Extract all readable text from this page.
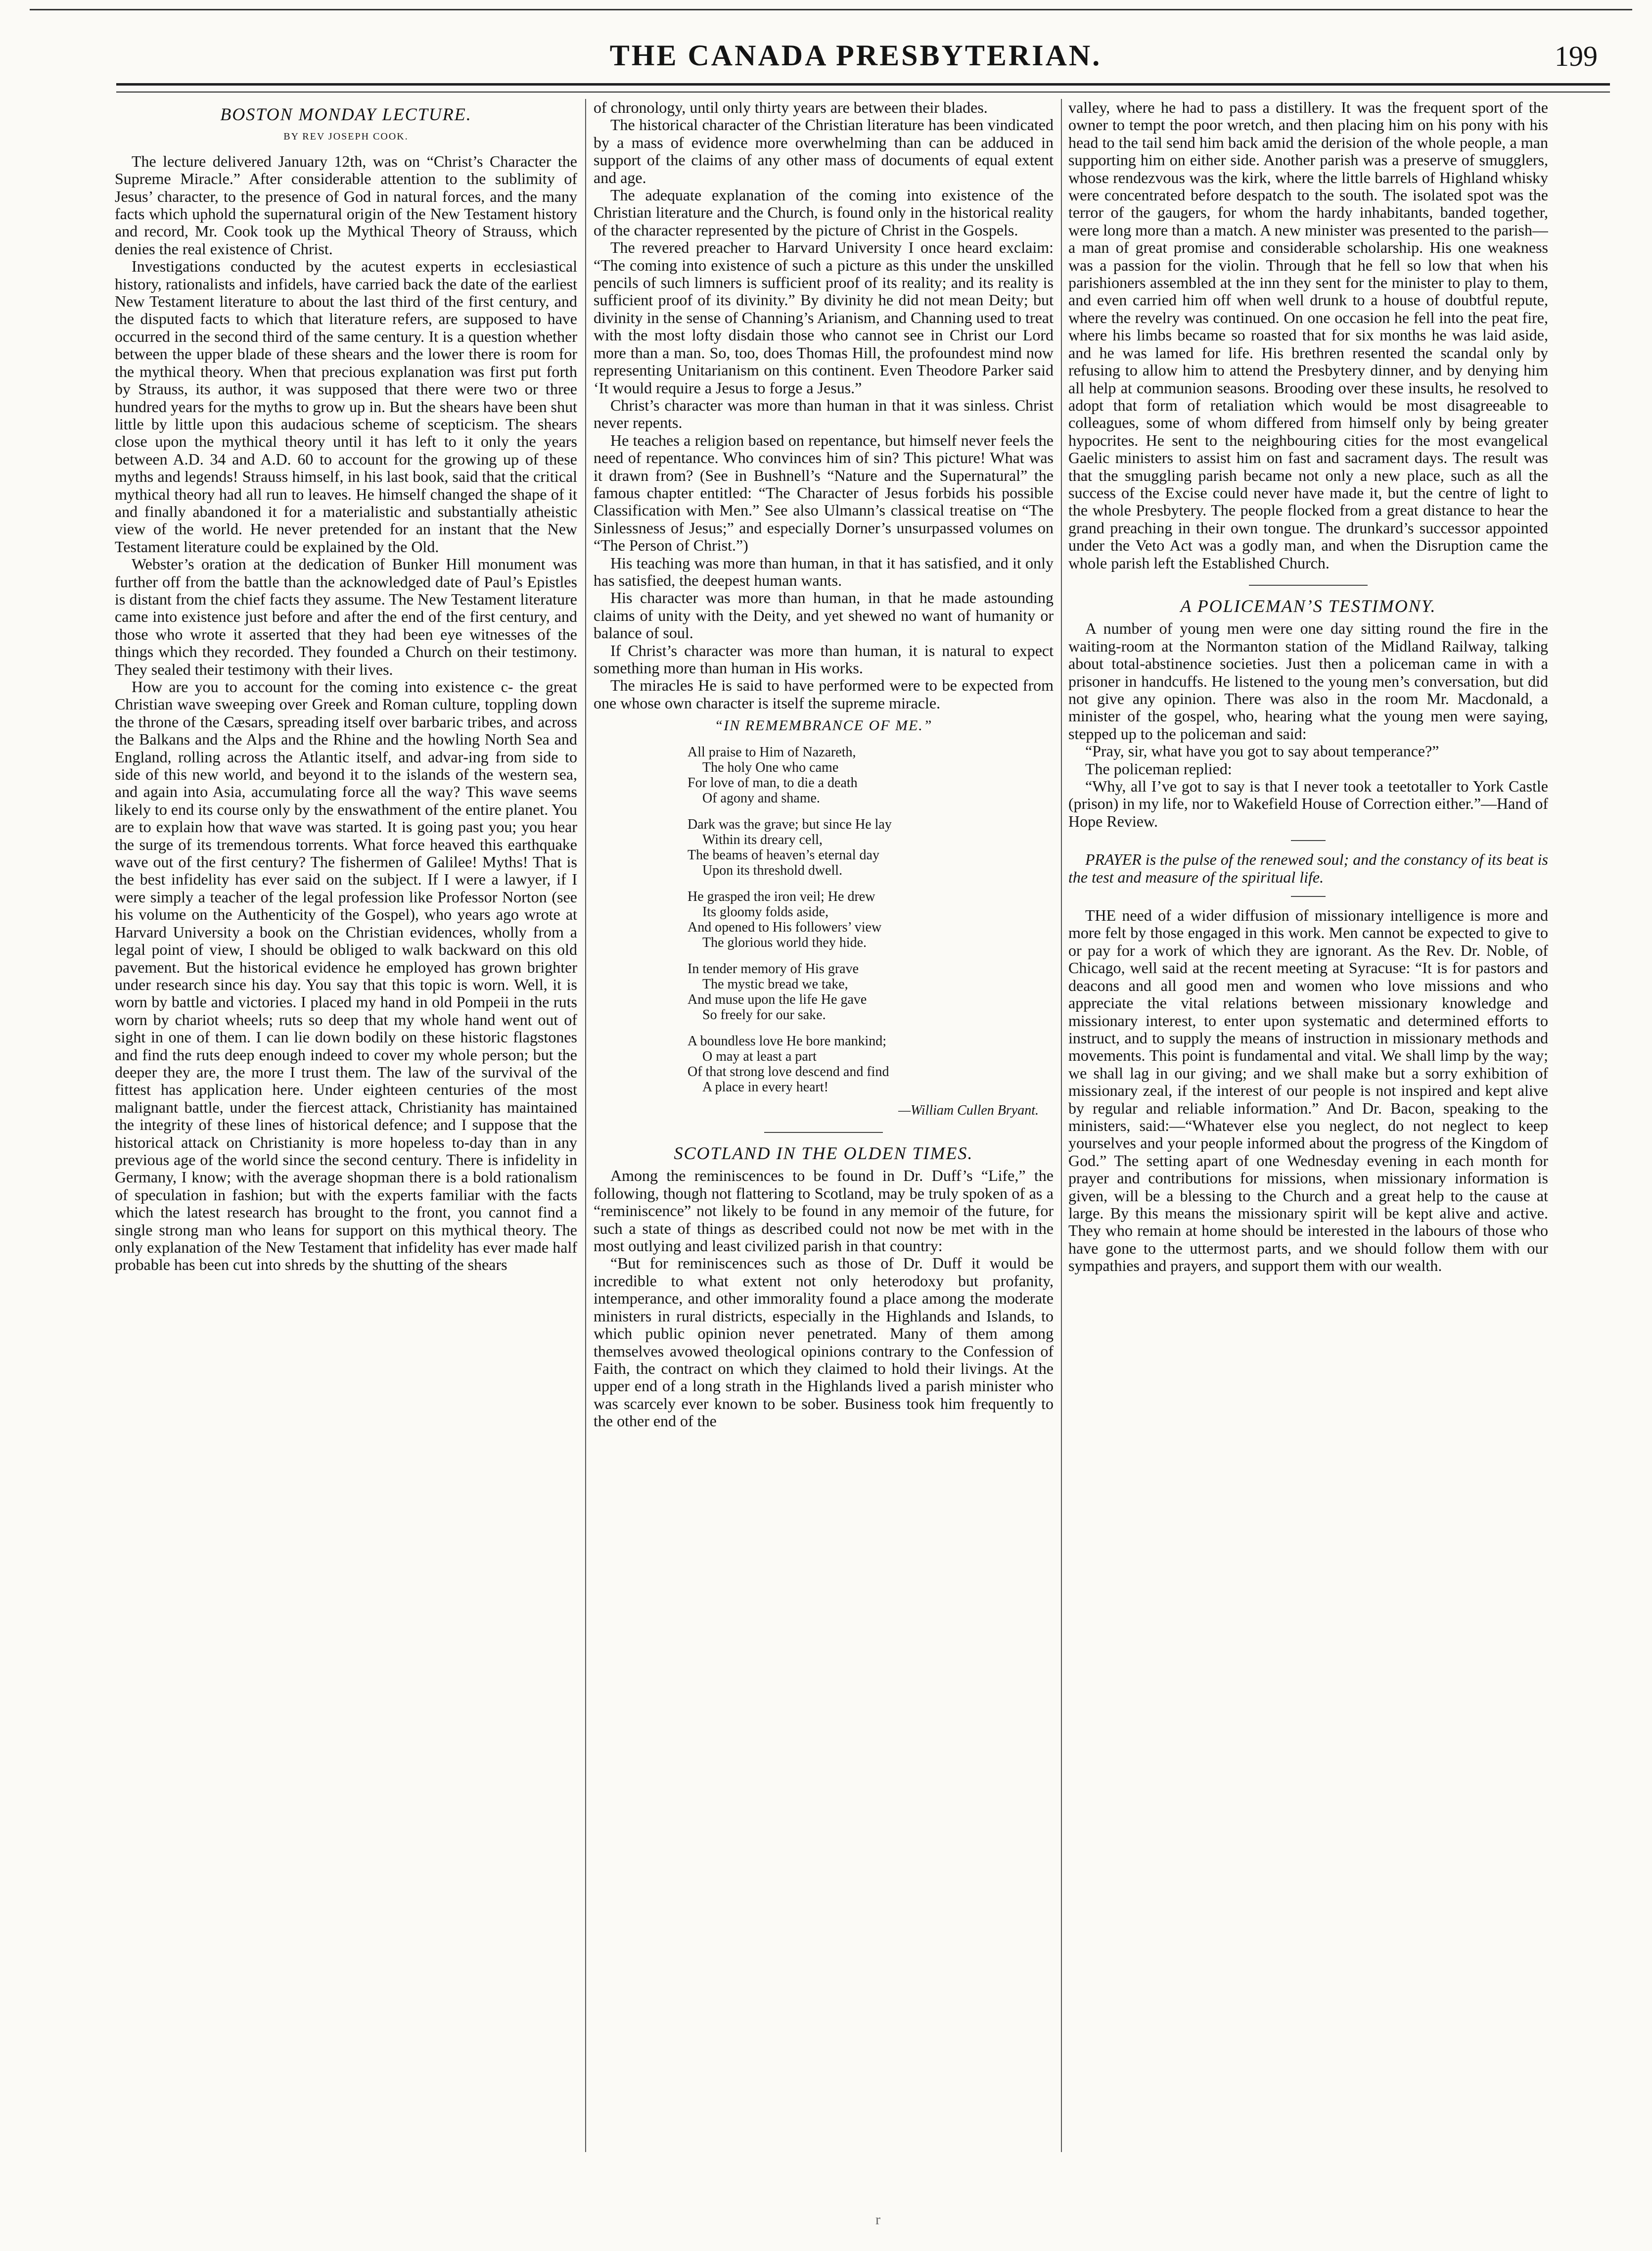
THE CANADA PRESBYTERIAN.	199
BOSTON MONDAY LECTURE.
BY REV JOSEPH COOK.

The lecture delivered January 12th, was on “Christ’s Character the Supreme Miracle.” After considerable attention to the sublimity of Jesus’ character, to the presence of God in natural forces, and the many facts which uphold the supernatural origin of the New Testament history and record, Mr. Cook took up the Mythical Theory of Strauss, which denies the real existence of Christ.

Investigations conducted by the acutest experts in ecclesiastical history, rationalists and infidels, have carried back the date of the earliest New Testament literature to about the last third of the first century, and the disputed facts to which that literature refers, are supposed to have occurred in the second third of the same century. It is a question whether between the upper blade of these shears and the lower there is room for the mythical theory. When that precious explanation was first put forth by Strauss, its author, it was supposed that there were two or three hundred years for the myths to grow up in. But the shears have been shut little by little upon this audacious scheme of scepticism. The shears close upon the mythical theory until it has left to it only the years between A.D. 34 and A.D. 60 to account for the growing up of these myths and legends! Strauss himself, in his last book, said that the critical mythical theory had all run to leaves. He himself changed the shape of it and finally abandoned it for a materialistic and substantially atheistic view of the world. He never pretended for an instant that the New Testament literature could be explained by the Old.

Webster’s oration at the dedication of Bunker Hill monument was further off from the battle than the acknowledged date of Paul’s Epistles is distant from the chief facts they assume. The New Testament literature came into existence just before and after the end of the first century, and those who wrote it asserted that they had been eye witnesses of the things which they recorded. They founded a Church on their testimony. They sealed their testimony with their lives.

How are you to account for the coming into existence c‑ the great Christian wave sweeping over Greek and Roman culture, toppling down the throne of the Cæsars, spreading itself over barbaric tribes, and across the Balkans and the Alps and the Rhine and the howling North Sea and England, rolling across the Atlantic itself, and advar‑ing from side to side of this new world, and beyond it to the islands of the western sea, and again into Asia, accumulating force all the way? This wave seems likely to end its course only by the enswathment of the entire planet. You are to explain how that wave was started. It is going past you; you hear the surge of its tremendous torrents. What force heaved this earthquake wave out of the first century? The fishermen of Galilee! Myths! That is the best infidelity has ever said on the subject. If I were a lawyer, if I were simply a teacher of the legal profession like Professor Norton (see his volume on the Authenticity of the Gospel), who years ago wrote at Harvard University a book on the Christian evidences, wholly from a legal point of view, I should be obliged to walk backward on this old pavement. But the historical evidence he employed has grown brighter under research since his day. You say that this topic is worn. Well, it is worn by battle and victories. I placed my hand in old Pompeii in the ruts worn by chariot wheels; ruts so deep that my whole hand went out of sight in one of them. I can lie down bodily on these historic flagstones and find the ruts deep enough indeed to cover my whole person; but the deeper they are, the more I trust them. The law of the survival of the fittest has application here. Under eighteen centuries of the most malignant battle, under the fiercest attack, Christianity has maintained the integrity of these lines of historical defence; and I suppose that the historical attack on Christianity is more hopeless to-day than in any previous age of the world since the second century. There is infidelity in Germany, I know; with the average shopman there is a bold rationalism of speculation in fashion; but with the experts familiar with the facts which the latest research has brought to the front, you cannot find a single strong man who leans for support on this mythical theory. The only explanation of the New Testament that infidelity has ever made half probable has been cut into shreds by the shutting of the shears

of chronology, until only thirty years are between their blades.

The historical character of the Christian literature has been vindicated by a mass of evidence more overwhelming than can be adduced in support of the claims of any other mass of documents of equal extent and age.

The adequate explanation of the coming into existence of the Christian literature and the Church, is found only in the historical reality of the character represented by the picture of Christ in the Gospels.

The revered preacher to Harvard University I once heard exclaim: “The coming into existence of such a picture as this under the unskilled pencils of such limners is sufficient proof of its reality; and its reality is sufficient proof of its divinity.” By divinity he did not mean Deity; but divinity in the sense of Channing’s Arianism, and Channing used to treat with the most lofty disdain those who cannot see in Christ our Lord more than a man. So, too, does Thomas Hill, the profoundest mind now representing Unitarianism on this continent. Even Theodore Parker said ‘It would require a Jesus to forge a Jesus.”

Christ’s character was more than human in that it was sinless. Christ never repents.

He teaches a religion based on repentance, but himself never feels the need of repentance. Who convinces him of sin? This picture! What was it drawn from? (See in Bushnell’s “Nature and the Supernatural” the famous chapter entitled: “The Character of Jesus forbids his possible Classification with Men.” See also Ulmann’s classical treatise on “The Sinlessness of Jesus;” and especially Dorner’s unsurpassed volumes on “The Person of Christ.”)

His teaching was more than human, in that it has satisfied, and it only has satisfied, the deepest human wants.

His character was more than human, in that he made astounding claims of unity with the Deity, and yet shewed no want of humanity or balance of soul.

If Christ’s character was more than human, it is natural to expect something more than human in His works.

The miracles He is said to have performed were to be expected from one whose own character is itself the supreme miracle.

“IN REMEMBRANCE OF ME.”
All praise to Him of Nazareth,
The holy One who came
For love of man, to die a death
Of agony and shame.
Dark was the grave; but since He lay
Within its dreary cell,
The beams of heaven’s eternal day
Upon its threshold dwell.
He grasped the iron veil; He drew
Its gloomy folds aside,
And opened to His followers’ view
The glorious world they hide.
In tender memory of His grave
The mystic bread we take,
And muse upon the life He gave
So freely for our sake.
A boundless love He bore mankind;
O may at least a part
Of that strong love descend and find
A place in every heart!
—William Cullen Bryant.
SCOTLAND IN THE OLDEN TIMES.

Among the reminiscences to be found in Dr. Duff’s “Life,” the following, though not flattering to Scotland, may be truly spoken of as a “reminiscence” not likely to be found in any memoir of the future, for such a state of things as described could not now be met with in the most outlying and least civilized parish in that country:

“But for reminiscences such as those of Dr. Duff it would be incredible to what extent not only heterodoxy but profanity, intemperance, and other immorality found a place among the moderate ministers in rural districts, especially in the Highlands and Islands, to which public opinion never penetrated. Many of them among themselves avowed theological opinions contrary to the Confession of Faith, the contract on which they claimed to hold their livings. At the upper end of a long strath in the Highlands lived a parish minister who was scarcely ever known to be sober. Business took him frequently to the other end of the

valley, where he had to pass a distillery. It was the frequent sport of the owner to tempt the poor wretch, and then placing him on his pony with his head to the tail send him back amid the derision of the whole people, a man supporting him on either side. Another parish was a preserve of smugglers, whose rendezvous was the kirk, where the little barrels of Highland whisky were concentrated before despatch to the south. The isolated spot was the terror of the gaugers, for whom the hardy inhabitants, banded together, were long more than a match. A new minister was presented to the parish—a man of great promise and considerable scholarship. His one weakness was a passion for the violin. Through that he fell so low that when his parishioners assembled at the inn they sent for the minister to play to them, and even carried him off when well drunk to a house of doubtful repute, where the revelry was continued. On one occasion he fell into the peat fire, where his limbs became so roasted that for six months he was laid aside, and he was lamed for life. His brethren resented the scandal only by refusing to allow him to attend the Presbytery dinner, and by denying him all help at communion seasons. Brooding over these insults, he resolved to adopt that form of retaliation which would be most disagreeable to colleagues, some of whom differed from himself only by being greater hypocrites. He sent to the neighbouring cities for the most evangelical Gaelic ministers to assist him on fast and sacrament days. The result was that the smuggling parish became not only a new place, such as all the success of the Excise could never have made it, but the centre of light to the whole Presbytery. The people flocked from a great distance to hear the grand preaching in their own tongue. The drunkard’s successor appointed under the Veto Act was a godly man, and when the Disruption came the whole parish left the Established Church.

A POLICEMAN’S TESTIMONY.

A number of young men were one day sitting round the fire in the waiting-room at the Normanton station of the Midland Railway, talking about total-abstinence societies. Just then a policeman came in with a prisoner in handcuffs. He listened to the young men’s conversation, but did not give any opinion. There was also in the room Mr. Macdonald, a minister of the gospel, who, hearing what the young men were saying, stepped up to the policeman and said:

“Pray, sir, what have you got to say about temperance?”

The policeman replied:

“Why, all I’ve got to say is that I never took a teetotaller to York Castle (prison) in my life, nor to Wakefield House of Correction either.”—Hand of Hope Review.

PRAYER is the pulse of the renewed soul; and the constancy of its beat is the test and measure of the spiritual life.

THE need of a wider diffusion of missionary intelligence is more and more felt by those engaged in this work. Men cannot be expected to give to or pay for a work of which they are ignorant. As the Rev. Dr. Noble, of Chicago, well said at the recent meeting at Syracuse: “It is for pastors and deacons and all good men and women who love missions and who appreciate the vital relations between missionary knowledge and missionary interest, to enter upon systematic and determined efforts to instruct, and to supply the means of instruction in missionary methods and movements. This point is fundamental and vital. We shall limp by the way; we shall lag in our giving; and we shall make but a sorry exhibition of missionary zeal, if the interest of our people is not inspired and kept alive by regular and reliable information.” And Dr. Bacon, speaking to the ministers, said:—“Whatever else you neglect, do not neglect to keep yourselves and your people informed about the progress of the Kingdom of God.” The setting apart of one Wednesday evening in each month for prayer and contributions for missions, when missionary information is given, will be a blessing to the Church and a great help to the cause at large. By this means the missionary spirit will be kept alive and active. They who remain at home should be interested in the labours of those who have gone to the uttermost parts, and we should follow them with our sympathies and prayers, and support them with our wealth.

r
